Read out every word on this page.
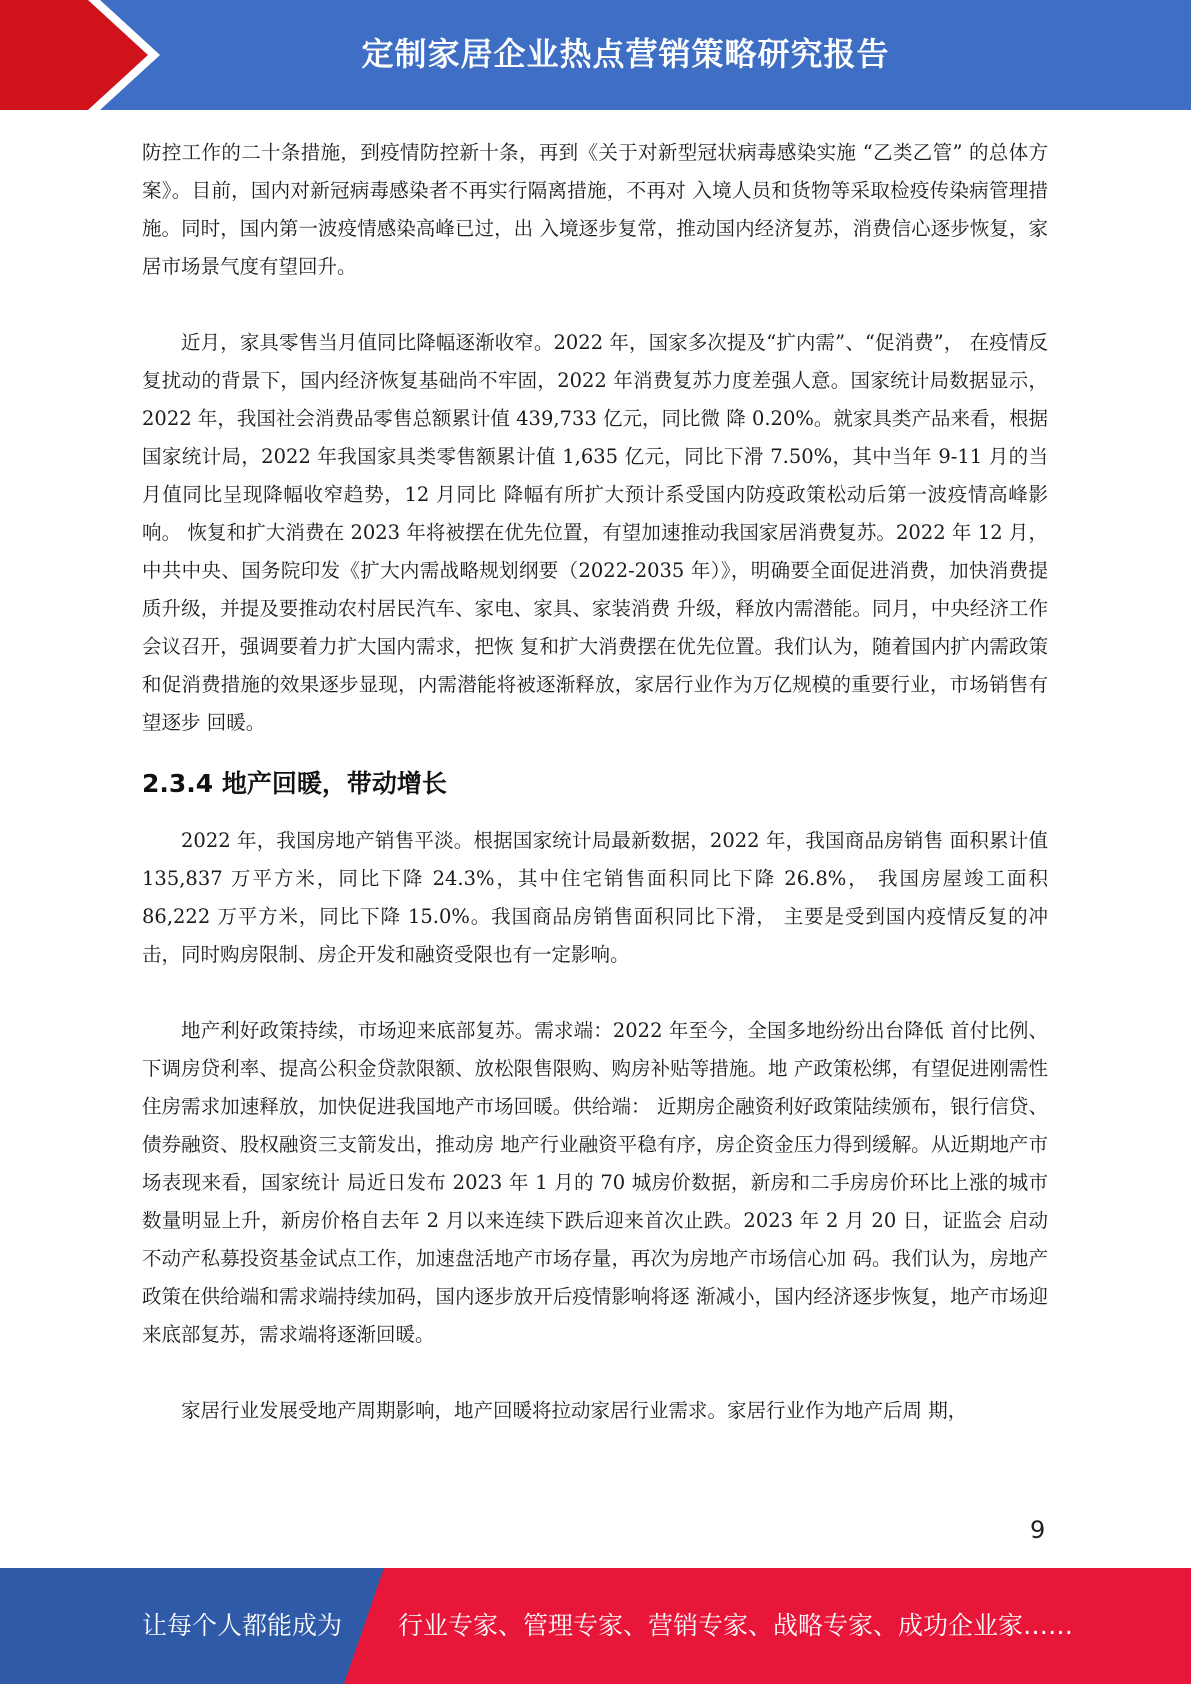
定制家居企业热点营销策略研究报告

防控工作的二十条措施，到疫情防控新十条，再到《关于对新型冠状病毒感染实施 “乙类乙管” 的总体方案》。目前，国内对新冠病毒感染者不再实行隔离措施，不再对 入境人员和货物等采取检疫传染病管理措施。同时，国内第一波疫情感染高峰已过，出 入境逐步复常，推动国内经济复苏，消费信心逐步恢复，家居市场景气度有望回升。

近月，家具零售当月值同比降幅逐渐收窄。2022 年，国家多次提及“扩内需”、“促消费”， 在疫情反复扰动的背景下，国内经济恢复基础尚不牢固，2022 年消费复苏力度差强人意。国家统计局数据显示，2022 年，我国社会消费品零售总额累计值 439,733 亿元，同比微 降 0.20%。就家具类产品来看，根据国家统计局，2022 年我国家具类零售额累计值 1,635 亿元，同比下滑 7.50%，其中当年 9-11 月的当月值同比呈现降幅收窄趋势，12 月同比 降幅有所扩大预计系受国内防疫政策松动后第一波疫情高峰影响。 恢复和扩大消费在 2023 年将被摆在优先位置，有望加速推动我国家居消费复苏。2022 年 12 月，中共中央、国务院印发《扩大内需战略规划纲要（2022-2035 年）》，明确要全面促进消费，加快消费提质升级，并提及要推动农村居民汽车、家电、家具、家装消费 升级，释放内需潜能。同月，中央经济工作会议召开，强调要着力扩大国内需求，把恢 复和扩大消费摆在优先位置。我们认为，随着国内扩内需政策和促消费措施的效果逐步显现，内需潜能将被逐渐释放，家居行业作为万亿规模的重要行业，市场销售有望逐步 回暖。

2.3.4 地产回暖，带动增长

2022 年，我国房地产销售平淡。根据国家统计局最新数据，2022 年，我国商品房销售 面积累计值 135,837 万平方米，同比下降 24.3%，其中住宅销售面积同比下降 26.8%， 我国房屋竣工面积 86,222 万平方米，同比下降 15.0%。我国商品房销售面积同比下滑， 主要是受到国内疫情反复的冲击，同时购房限制、房企开发和融资受限也有一定影响。

地产利好政策持续，市场迎来底部复苏。需求端：2022 年至今，全国多地纷纷出台降低 首付比例、下调房贷利率、提高公积金贷款限额、放松限售限购、购房补贴等措施。地 产政策松绑，有望促进刚需性住房需求加速释放，加快促进我国地产市场回暖。供给端： 近期房企融资利好政策陆续颁布，银行信贷、债券融资、股权融资三支箭发出，推动房 地产行业融资平稳有序，房企资金压力得到缓解。从近期地产市场表现来看，国家统计 局近日发布 2023 年 1 月的 70 城房价数据，新房和二手房房价环比上涨的城市数量明显上升，新房价格自去年 2 月以来连续下跌后迎来首次止跌。2023 年 2 月 20 日，证监会 启动不动产私募投资基金试点工作，加速盘活地产市场存量，再次为房地产市场信心加 码。我们认为，房地产政策在供给端和需求端持续加码，国内逐步放开后疫情影响将逐 渐减小，国内经济逐步恢复，地产市场迎来底部复苏，需求端将逐渐回暖。

家居行业发展受地产周期影响，地产回暖将拉动家居行业需求。家居行业作为地产后周 期，

9
让每个人都能成为 行业专家、管理专家、营销专家、战略专家、成功企业家……
